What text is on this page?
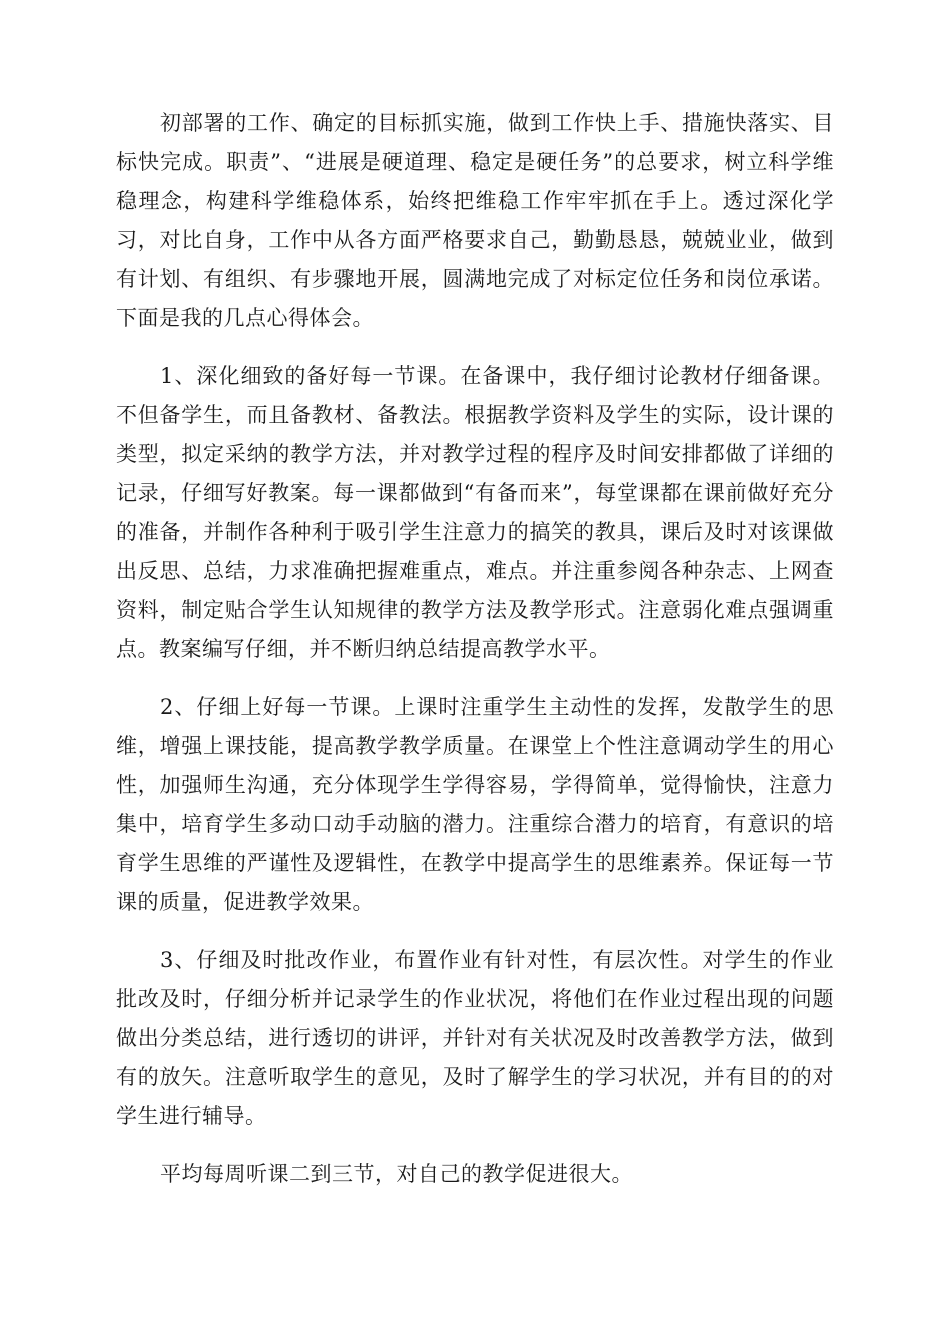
初部署的工作、确定的目标抓实施，做到工作快上手、措施快落实、目标快完成。职责”、“进展是硬道理、稳定是硬任务”的总要求，树立科学维稳理念，构建科学维稳体系，始终把维稳工作牢牢抓在手上。透过深化学习，对比自身，工作中从各方面严格要求自己，勤勤恳恳，兢兢业业，做到有计划、有组织、有步骤地开展，圆满地完成了对标定位任务和岗位承诺。下面是我的几点心得体会。

1、深化细致的备好每一节课。在备课中，我仔细讨论教材仔细备课。不但备学生，而且备教材、备教法。根据教学资料及学生的实际，设计课的类型，拟定采纳的教学方法，并对教学过程的程序及时间安排都做了详细的记录，仔细写好教案。每一课都做到“有备而来”，每堂课都在课前做好充分的准备，并制作各种利于吸引学生注意力的搞笑的教具，课后及时对该课做出反思、总结，力求准确把握难重点，难点。并注重参阅各种杂志、上网查资料，制定贴合学生认知规律的教学方法及教学形式。注意弱化难点强调重点。教案编写仔细，并不断归纳总结提高教学水平。

2、仔细上好每一节课。上课时注重学生主动性的发挥，发散学生的思维，增强上课技能，提高教学教学质量。在课堂上个性注意调动学生的用心性，加强师生沟通，充分体现学生学得容易，学得简单，觉得愉快，注意力集中，培育学生多动口动手动脑的潜力。注重综合潜力的培育，有意识的培育学生思维的严谨性及逻辑性，在教学中提高学生的思维素养。保证每一节课的质量，促进教学效果。

3、仔细及时批改作业，布置作业有针对性，有层次性。对学生的作业批改及时，仔细分析并记录学生的作业状况，将他们在作业过程出现的问题做出分类总结，进行透切的讲评，并针对有关状况及时改善教学方法，做到有的放矢。注意听取学生的意见，及时了解学生的学习状况，并有目的的对学生进行辅导。

平均每周听课二到三节，对自己的教学促进很大。
